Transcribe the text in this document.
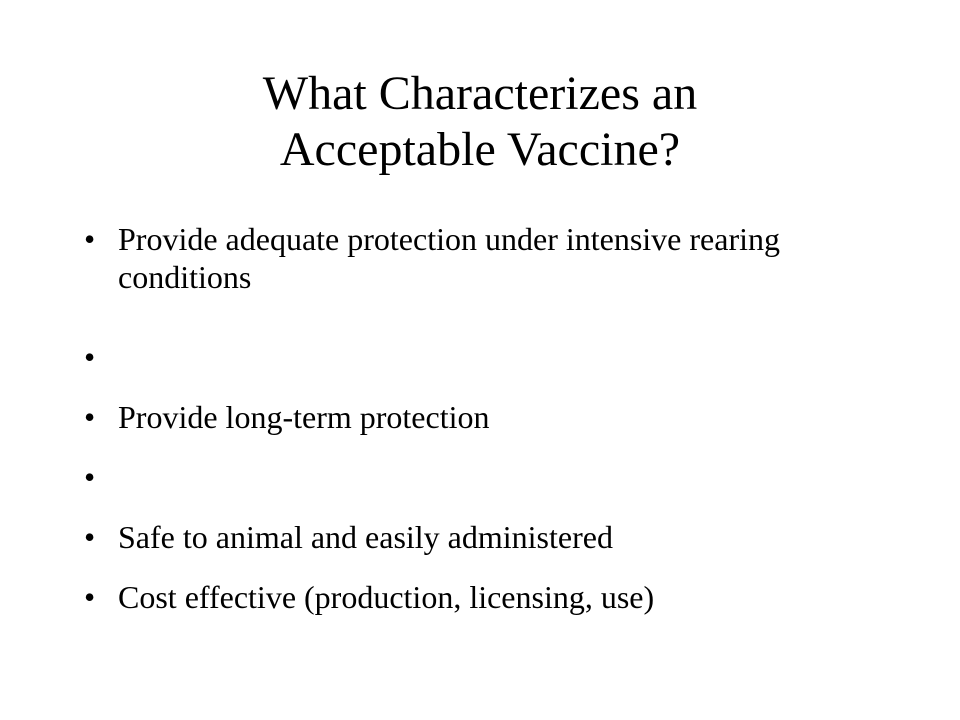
What Characterizes an
Acceptable Vaccine?
• Provide adequate protection under intensive rearing conditions
•
• Provide long-term protection
•
• Safe to animal and easily administered
• Cost effective (production, licensing, use)
